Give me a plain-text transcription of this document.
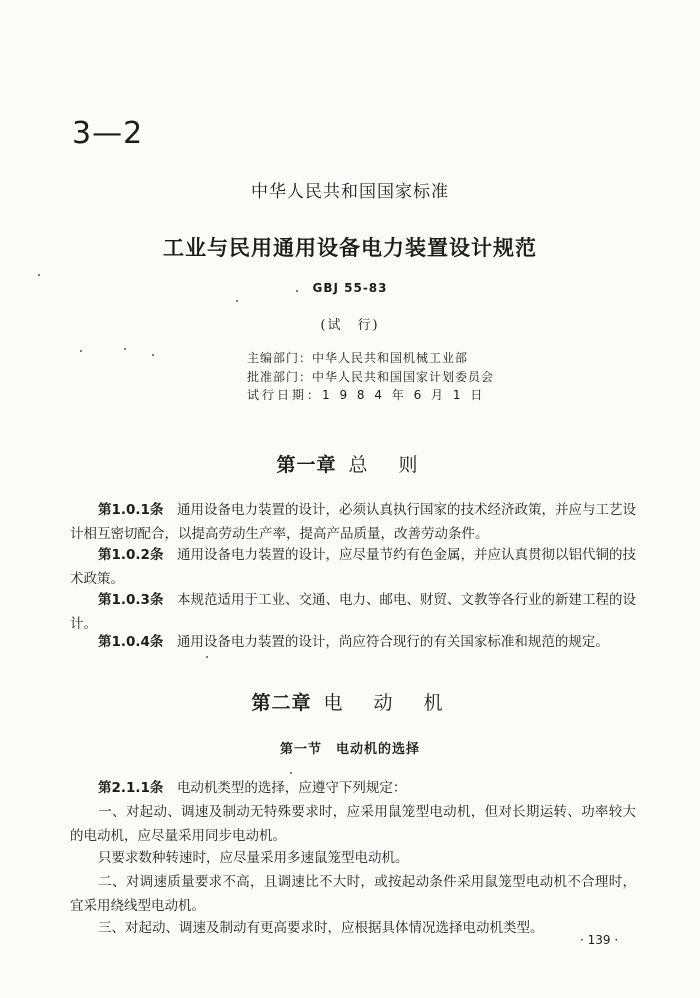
3—2
中华人民共和国国家标准
工业与民用通用设备电力装置设计规范
GBJ 55-83
(试　行)
主编部门：中华人民共和国机械工业部
批准部门：中华人民共和国国家计划委员会
试行日期：1 9 8 4 年 6 月 1 日
第一章 总　则
第1.0.1条　 通用设备电力装置的设计，必须认真执行国家的技术经济政策，并应与工艺设计相互密切配合，以提高劳动生产率，提高产品质量，改善劳动条件。
第1.0.2条　 通用设备电力装置的设计，应尽量节约有色金属，并应认真贯彻以铝代铜的技术政策。
第1.0.3条　 本规范适用于工业、交通、电力、邮电、财贸、文教等各行业的新建工程的设计。
第1.0.4条　 通用设备电力装置的设计，尚应符合现行的有关国家标准和规范的规定。
第二章 电　动　机
第一节　电动机的选择
第2.1.1条　 电动机类型的选择，应遵守下列规定：
一、对起动、调速及制动无特殊要求时，应采用鼠笼型电动机，但对长期运转、功率较大的电动机，应尽量采用同步电动机。
只要求数种转速时，应尽量采用多速鼠笼型电动机。
二、对调速质量要求不高，且调速比不大时，或按起动条件采用鼠笼型电动机不合理时，宜采用绕线型电动机。
三、对起动、调速及制动有更高要求时，应根据具体情况选择电动机类型。
· 139 ·
